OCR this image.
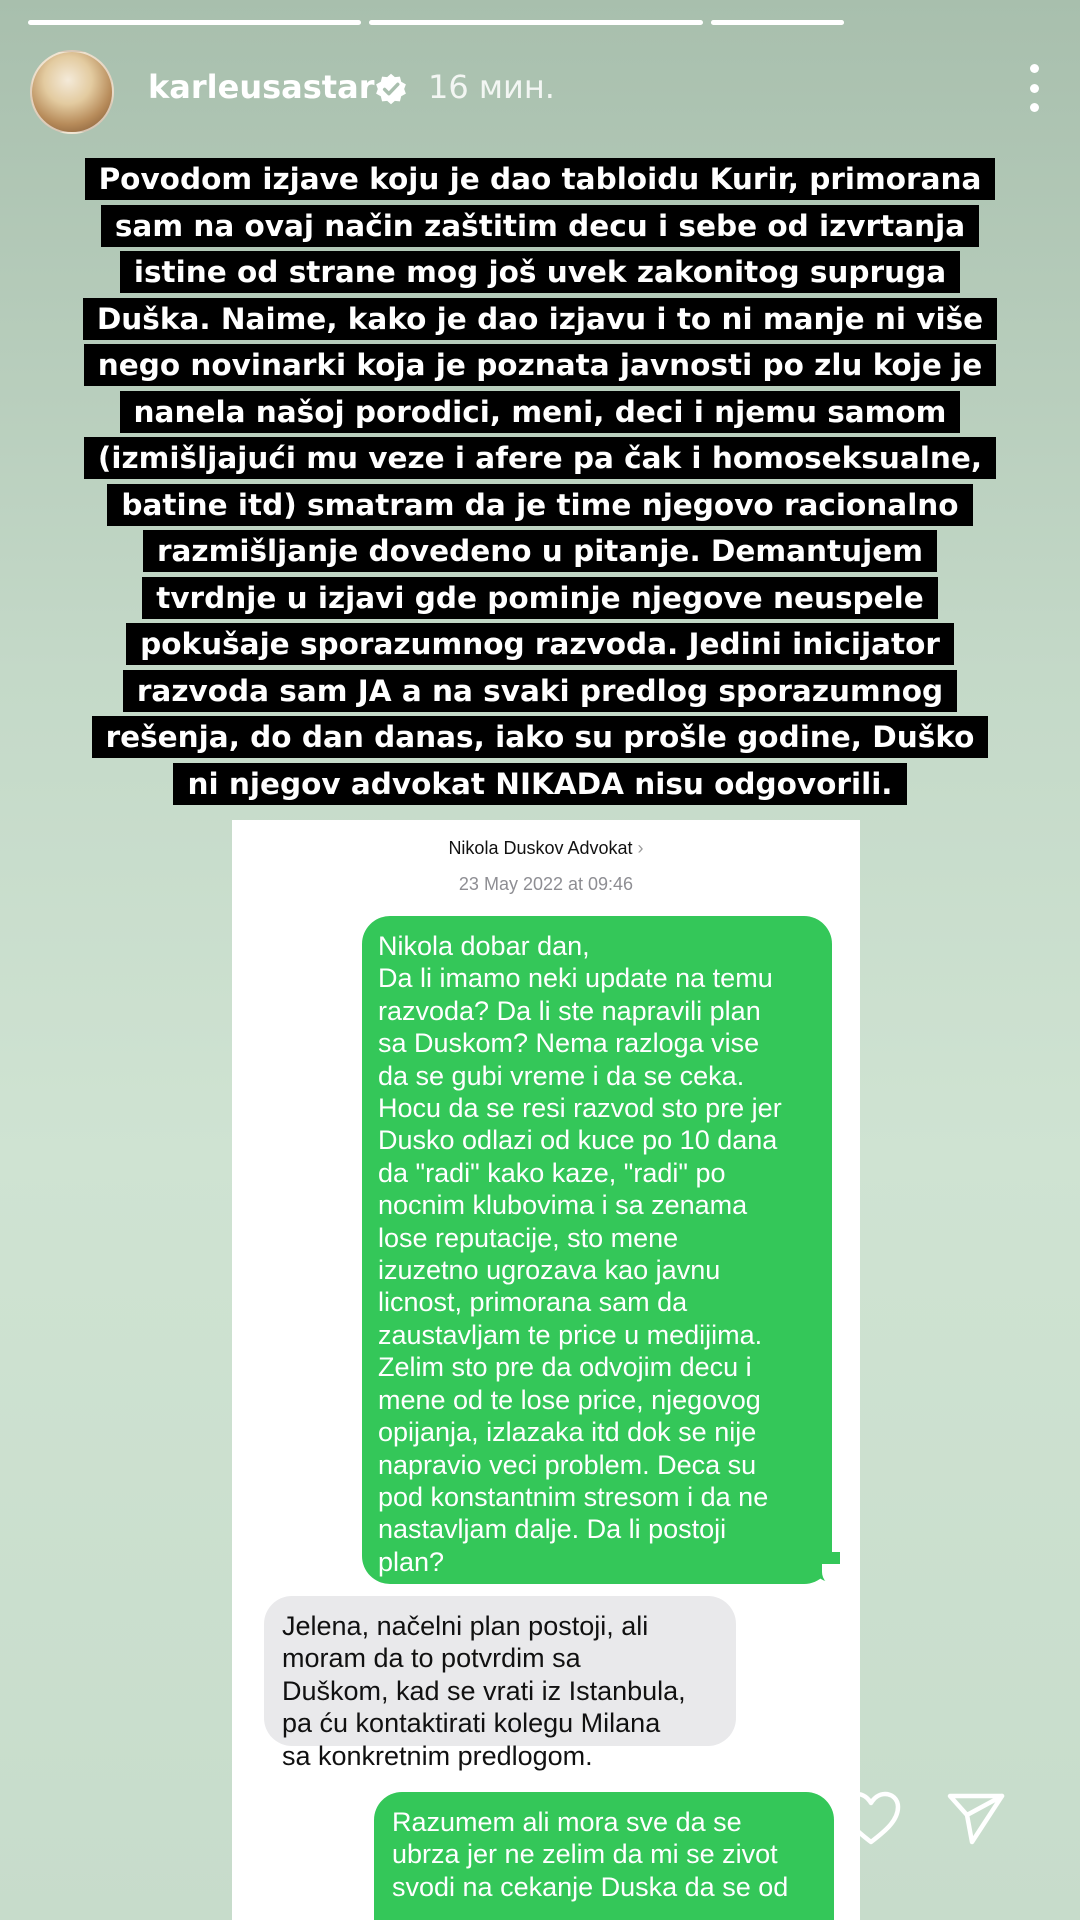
karleusastar 16 мин.
Nikola Duskov Advokat ›
23 May 2022 at 09:46
Nikola dobar dan,
Da li imamo neki update na temu
razvoda? Da li ste napravili plan
sa Duskom? Nema razloga vise
da se gubi vreme i da se ceka.
Hocu da se resi razvod sto pre jer
Dusko odlazi od kuce po 10 dana
da "radi" kako kaze, "radi" po
nocnim klubovima i sa zenama
lose reputacije, sto mene
izuzetno ugrozava kao javnu
licnost, primorana sam da
zaustavljam te price u medijima.
Zelim sto pre da odvojim decu i
mene od te lose price, njegovog
opijanja, izlazaka itd dok se nije
napravio veci problem. Deca su
pod konstantnim stresom i da ne
nastavljam dalje. Da li postoji
plan?
Jelena, načelni plan postoji, ali
moram da to potvrdim sa
Duškom, kad se vrati iz Istanbula,
pa ću kontaktirati kolegu Milana
sa konkretnim predlogom.
Razumem ali mora sve da se
ubrza jer ne zelim da mi se zivot
svodi na cekanje Duska da se od
Povodom izjave koju je dao tabloidu Kurir, primorana
sam na ovaj način zaštitim decu i sebe od izvrtanja
istine od strane mog još uvek zakonitog supruga
Duška. Naime, kako je dao izjavu i to ni manje ni više
nego novinarki koja je poznata javnosti po zlu koje je
nanela našoj porodici, meni, deci i njemu samom
(izmišljajući mu veze i afere pa čak i homoseksualne,
batine itd) smatram da je time njegovo racionalno
razmišljanje dovedeno u pitanje. Demantujem
tvrdnje u izjavi gde pominje njegove neuspele
pokušaje sporazumnog razvoda. Jedini inicijator
razvoda sam JA a na svaki predlog sporazumnog
rešenja, do dan danas, iako su prošle godine, Duško
ni njegov advokat NIKADA nisu odgovorili.
